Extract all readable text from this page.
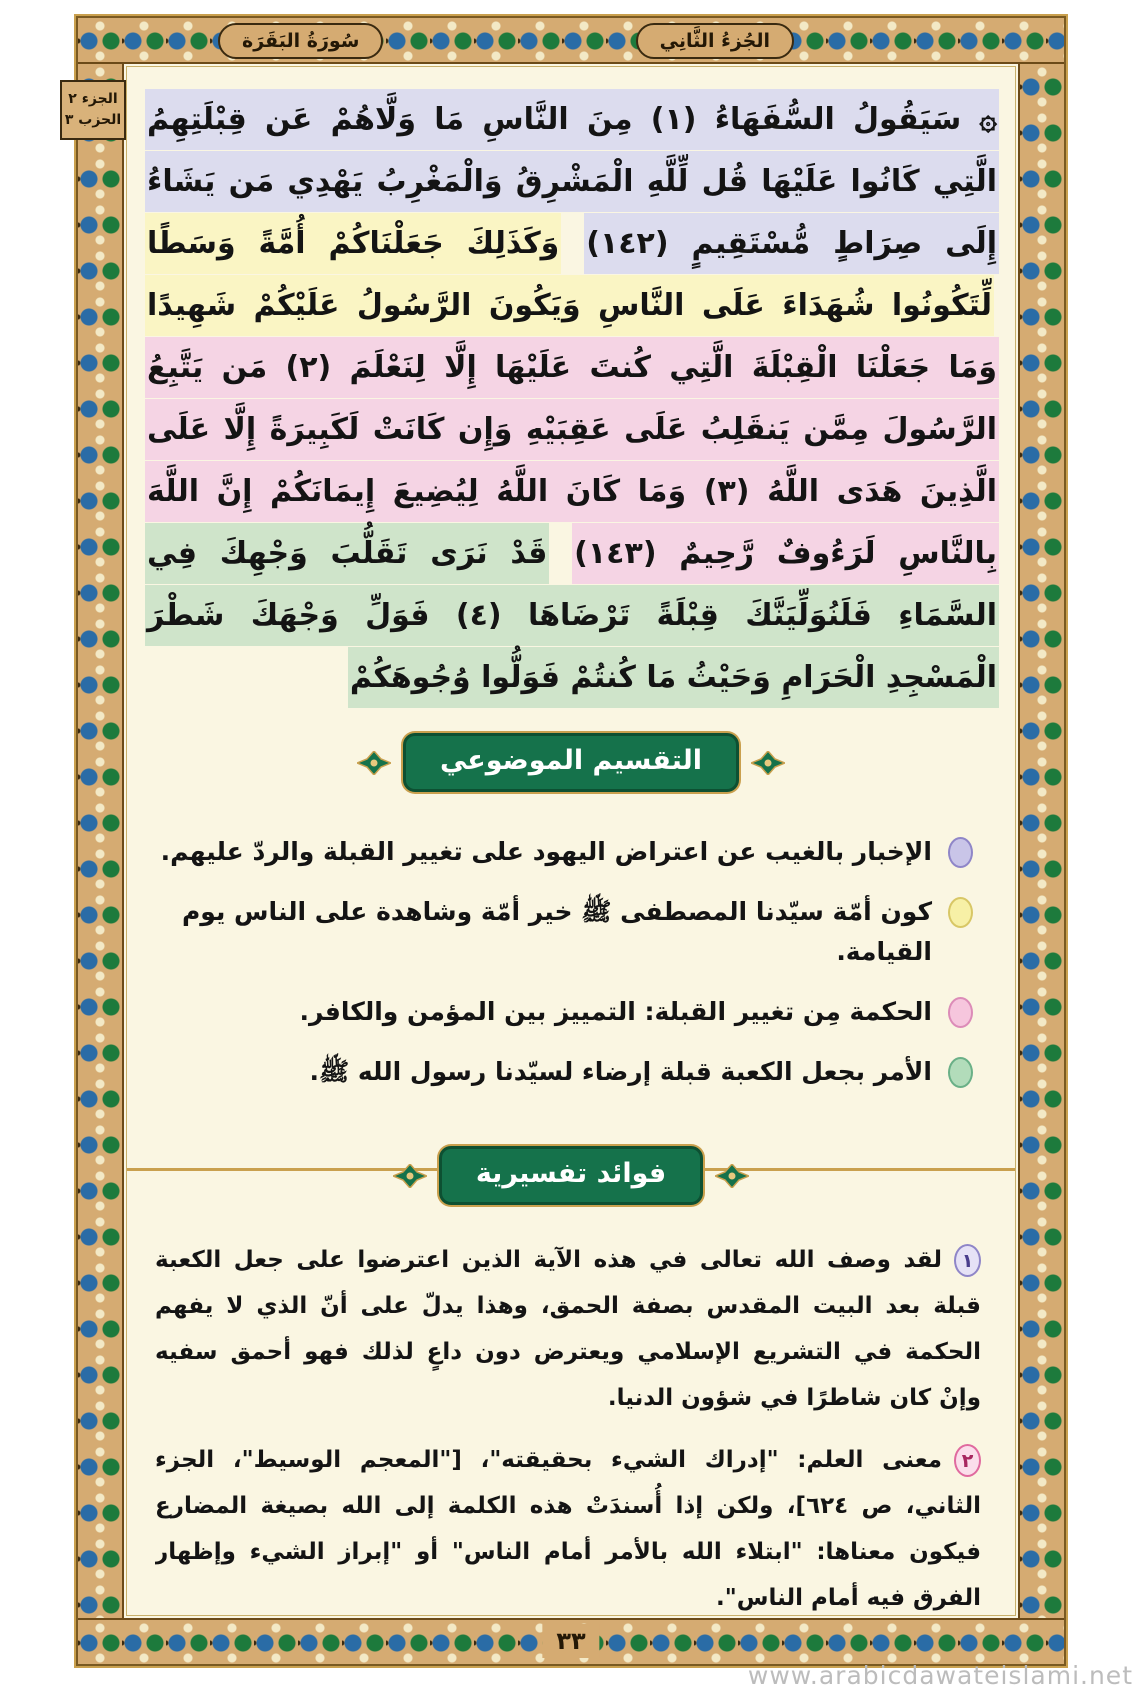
سُورَةُ البَقَرَة	الجُزءُ الثَّانِي
الجزء ٢
الحزب ٣ ۞ سَيَقُولُ السُّفَهَاءُ (١) مِنَ النَّاسِ مَا وَلَّاهُمْ عَن قِبْلَتِهِمُ الَّتِي كَانُوا عَلَيْهَا قُل لِّلَّهِ الْمَشْرِقُ وَالْمَغْرِبُ يَهْدِي مَن يَشَاءُ إِلَى صِرَاطٍ مُّسْتَقِيمٍ (١٤٢) وَكَذَلِكَ جَعَلْنَاكُمْ أُمَّةً وَسَطًا لِّتَكُونُوا شُهَدَاءَ عَلَى النَّاسِ وَيَكُونَ الرَّسُولُ عَلَيْكُمْ شَهِيدًا وَمَا جَعَلْنَا الْقِبْلَةَ الَّتِي كُنتَ عَلَيْهَا إِلَّا لِنَعْلَمَ (٢) مَن يَتَّبِعُ الرَّسُولَ مِمَّن يَنقَلِبُ عَلَى عَقِبَيْهِ وَإِن كَانَتْ لَكَبِيرَةً إِلَّا عَلَى الَّذِينَ هَدَى اللَّهُ (٣) وَمَا كَانَ اللَّهُ لِيُضِيعَ إِيمَانَكُمْ إِنَّ اللَّهَ بِالنَّاسِ لَرَءُوفٌ رَّحِيمٌ (١٤٣) قَدْ نَرَى تَقَلُّبَ وَجْهِكَ فِي السَّمَاءِ فَلَنُوَلِّيَنَّكَ قِبْلَةً تَرْضَاهَا (٤) فَوَلِّ وَجْهَكَ شَطْرَ الْمَسْجِدِ الْحَرَامِ وَحَيْثُ مَا كُنتُمْ فَوَلُّوا وُجُوهَكُمْ

التقسيم الموضوعي
الإخبار بالغيب عن اعتراض اليهود على تغيير القبلة والردّ عليهم.
كون أمّة سيّدنا المصطفى ﷺ خير أمّة وشاهدة على الناس يوم القيامة.
الحكمة مِن تغيير القبلة: التمييز بين المؤمن والكافر.
الأمر بجعل الكعبة قبلة إرضاء لسيّدنا رسول الله ﷺ.
فوائد تفسيرية
١
لقد وصف الله تعالى في هذه الآية الذين اعترضوا على جعل الكعبة قبلة بعد البيت المقدس بصفة الحمق، وهذا يدلّ على أنّ الذي لا يفهم الحكمة في التشريع الإسلامي ويعترض دون داعٍ لذلك فهو أحمق سفيه وإنْ كان شاطرًا في شؤون الدنيا.
٢
معنى العلم: "إدراك الشيء بحقيقته"، ["المعجم الوسيط"، الجزء الثاني، ص ٦٢٤]، ولكن إذا أُسندَتْ هذه الكلمة إلى الله بصيغة المضارع فيكون معناها: "ابتلاء الله بالأمر أمام الناس" أو "إبراز الشيء وإظهار الفرق فيه أمام الناس".
٣٣
www.arabicdawateislami.net
